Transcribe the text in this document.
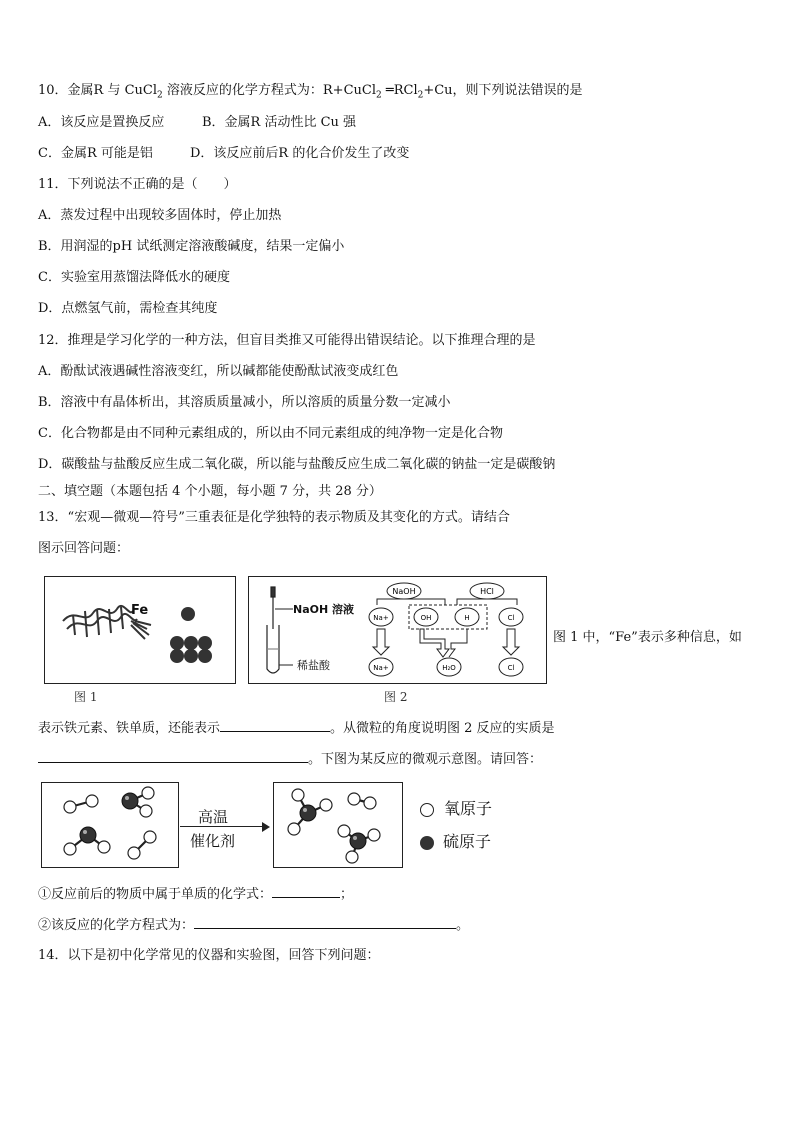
10．金属R 与 CuCl$_2$ 溶液反应的化学方程式为：R+CuCl$_2$ ═RCl$_2$+Cu，则下列说法错误的是
A．该反应是置换反应	B．金属R 活动性比 Cu 强
C．金属R 可能是铝	D．该反应前后R 的化合价发生了改变
11．下列说法不正确的是（　　）
A．蒸发过程中出现较多固体时，停止加热
B．用润湿的pH 试纸测定溶液酸碱度，结果一定偏小
C．实验室用蒸馏法降低水的硬度
D．点燃氢气前，需检查其纯度
12．推理是学习化学的一种方法，但盲目类推又可能得出错误结论。以下推理合理的是
A．酚酞试液遇碱性溶液变红，所以碱都能使酚酞试液变成红色
B．溶液中有晶体析出，其溶质质量减小，所以溶质的质量分数一定减小
C．化合物都是由不同种元素组成的，所以由不同元素组成的纯净物一定是化合物
D．碳酸盐与盐酸反应生成二氧化碳，所以能与盐酸反应生成二氧化碳的钠盐一定是碳酸钠
二、填空题（本题包括 4 个小题，每小题 7 分，共 28 分）
13．“宏观—微观—符号”三重表征是化学独特的表示物质及其变化的方式。请结合
图示回答问题：
Fe
图 1
NaOH 溶液
稀盐酸
NaOH	HCl
Na+	OH	H	Cl
Na+	H₂O	Cl
图 2
图 1 中，“Fe”表示多种信息，如
表示铁元素、铁单质，还能表示	。从微粒的角度说明图 2 反应的实质是
。下图为某反应的微观示意图。请回答：
高温
催化剂
氧原子
硫原子
①反应前后的物质中属于单质的化学式：	；
②该反应的化学方程式为：	。
14．以下是初中化学常见的仪器和实验图，回答下列问题：
